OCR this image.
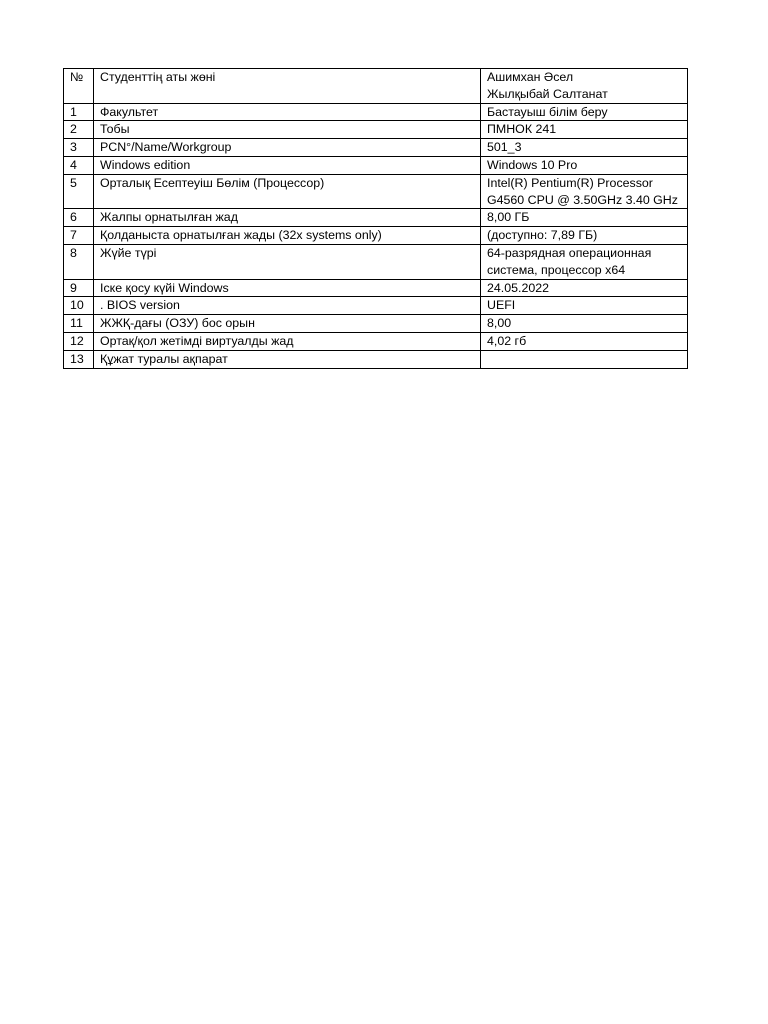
№	Студенттің аты жөні	Ашимхан Әсел
Жылқыбай Салтанат
1	Факультет	Бастауыш білім беру
2	Тобы	ПМНОК 241
3	PCN°/Name/Workgroup	501_3
4	Windows edition	Windows 10 Pro
5	Орталық Есептеуіш Бөлім (Процессор)	Intel(R) Pentium(R) Processor G4560 CPU @ 3.50GHz 3.40 GHz
6	Жалпы орнатылған жад	8,00 ГБ
7	Қолданыста орнатылған жады (32x systems only)	(доступно: 7,89 ГБ)
8	Жүйе түрі	64-разрядная операционная система, процессор x64
9	Іске қосу күйі Windows	24.05.2022
10	. BIOS version	UEFI
11	ЖЖҚ-дағы (ОЗУ) бос орын	8,00
12	Ортақ/қол жетімді виртуалды жад	4,02 гб
13	Құжат туралы ақпарат	
